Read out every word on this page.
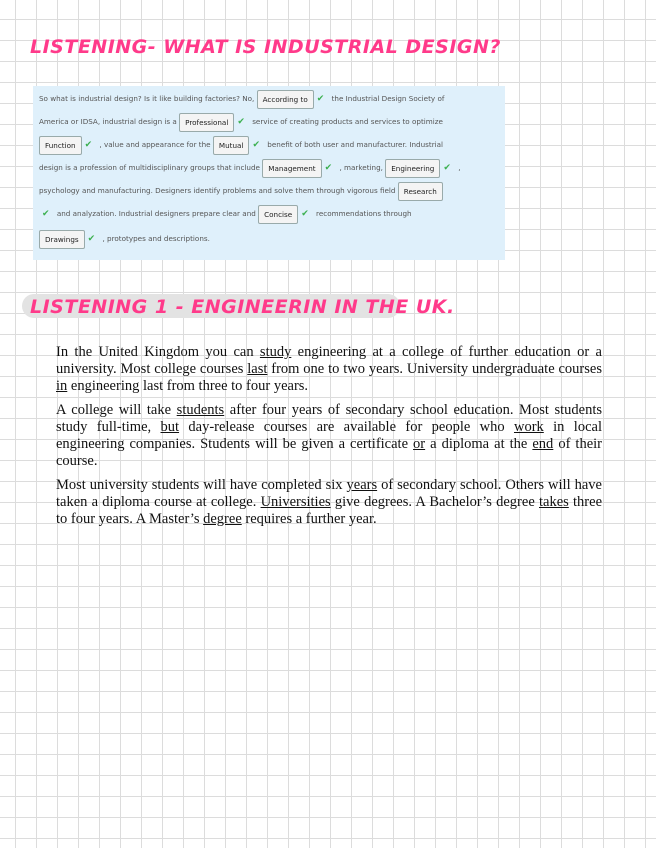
LISTENING- WHAT IS INDUSTRIAL DESIGN?
So what is industrial design? Is it like building factories? No, According to ✔ the Industrial Design Society of
America or IDSA, industrial design is a Professional ✔ service of creating products and services to optimize
Function ✔ , value and appearance for the Mutual ✔ benefit of both user and manufacturer. Industrial
design is a profession of multidisciplinary groups that include Management ✔ , marketing, Engineering ✔ ,
psychology and manufacturing. Designers identify problems and solve them through vigorous field Research
✔ and analyzation. Industrial designers prepare clear and Concise ✔ recommendations through
Drawings ✔ , prototypes and descriptions.
LISTENING 1 - ENGINEERIN IN THE UK.

In the United Kingdom you can study engineering at a college of further education or a university. Most college courses last from one to two years. University undergraduate courses in engineering last from three to four years.

A college will take students after four years of secondary school education. Most students study full-time, but day-release courses are available for people who work in local engineering companies. Students will be given a certificate or a diploma at the end of their course.

Most university students will have completed six years of secondary school. Others will have taken a diploma course at college. Universities give degrees. A Bachelor’s degree takes three to four years. A Master’s degree requires a further year.
